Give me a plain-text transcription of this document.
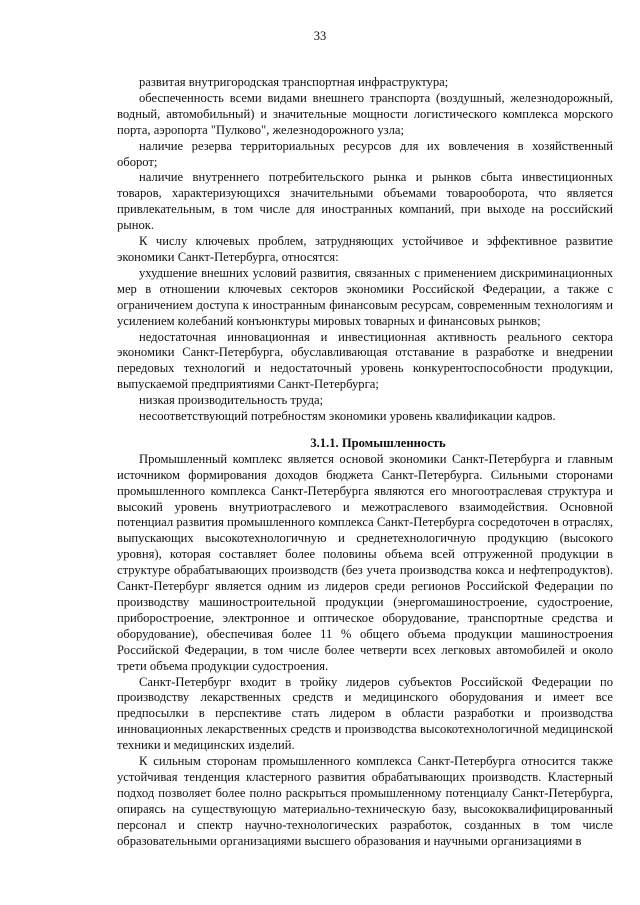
33

развитая внутригородская транспортная инфраструктура;

обеспеченность всеми видами внешнего транспорта (воздушный, железнодорожный, водный, автомобильный) и значительные мощности логистического комплекса морского порта, аэропорта "Пулково", железнодорожного узла;

наличие резерва территориальных ресурсов для их вовлечения в хозяйственный оборот;

наличие внутреннего потребительского рынка и рынков сбыта инвестиционных товаров, характеризующихся значительными объемами товарооборота, что является привлекательным, в том числе для иностранных компаний, при выходе на российский рынок.

К числу ключевых проблем, затрудняющих устойчивое и эффективное развитие экономики Санкт-Петербурга, относятся:

ухудшение внешних условий развития, связанных с применением дискриминационных мер в отношении ключевых секторов экономики Российской Федерации, а также с ограничением доступа к иностранным финансовым ресурсам, современным технологиям и усилением колебаний конъюнктуры мировых товарных и финансовых рынков;

недостаточная инновационная и инвестиционная активность реального сектора экономики Санкт-Петербурга, обуславливающая отставание в разработке и внедрении передовых технологий и недостаточный уровень конкурентоспособности продукции, выпускаемой предприятиями Санкт-Петербурга;

низкая производительность труда;

несоответствующий потребностям экономики уровень квалификации кадров.

3.1.1. Промышленность

Промышленный комплекс является основой экономики Санкт-Петербурга и главным источником формирования доходов бюджета Санкт-Петербурга. Сильными сторонами промышленного комплекса Санкт-Петербурга являются его многоотраслевая структура и высокий уровень внутриотраслевого и межотраслевого взаимодействия. Основной потенциал развития промышленного комплекса Санкт-Петербурга сосредоточен в отраслях, выпускающих высокотехнологичную и среднетехнологичную продукцию (высокого уровня), которая составляет более половины объема всей отгруженной продукции в структуре обрабатывающих производств (без учета производства кокса и нефтепродуктов). Санкт-Петербург является одним из лидеров среди регионов Российской Федерации по производству машиностроительной продукции (энергомашиностроение, судостроение, приборостроение, электронное и оптическое оборудование, транспортные средства и оборудование), обеспечивая более 11 % общего объема продукции машиностроения Российской Федерации, в том числе более четверти всех легковых автомобилей и около трети объема продукции судостроения.

Санкт-Петербург входит в тройку лидеров субъектов Российской Федерации по производству лекарственных средств и медицинского оборудования и имеет все предпосылки в перспективе стать лидером в области разработки и производства инновационных лекарственных средств и производства высокотехнологичной медицинской техники и медицинских изделий.

К сильным сторонам промышленного комплекса Санкт-Петербурга относится также устойчивая тенденция кластерного развития обрабатывающих производств. Кластерный подход позволяет более полно раскрыться промышленному потенциалу Санкт-Петербурга, опираясь на существующую материально-техническую базу, высококвалифицированный персонал и спектр научно-технологических разработок, созданных в том числе образовательными организациями высшего образования и научными организациями в
